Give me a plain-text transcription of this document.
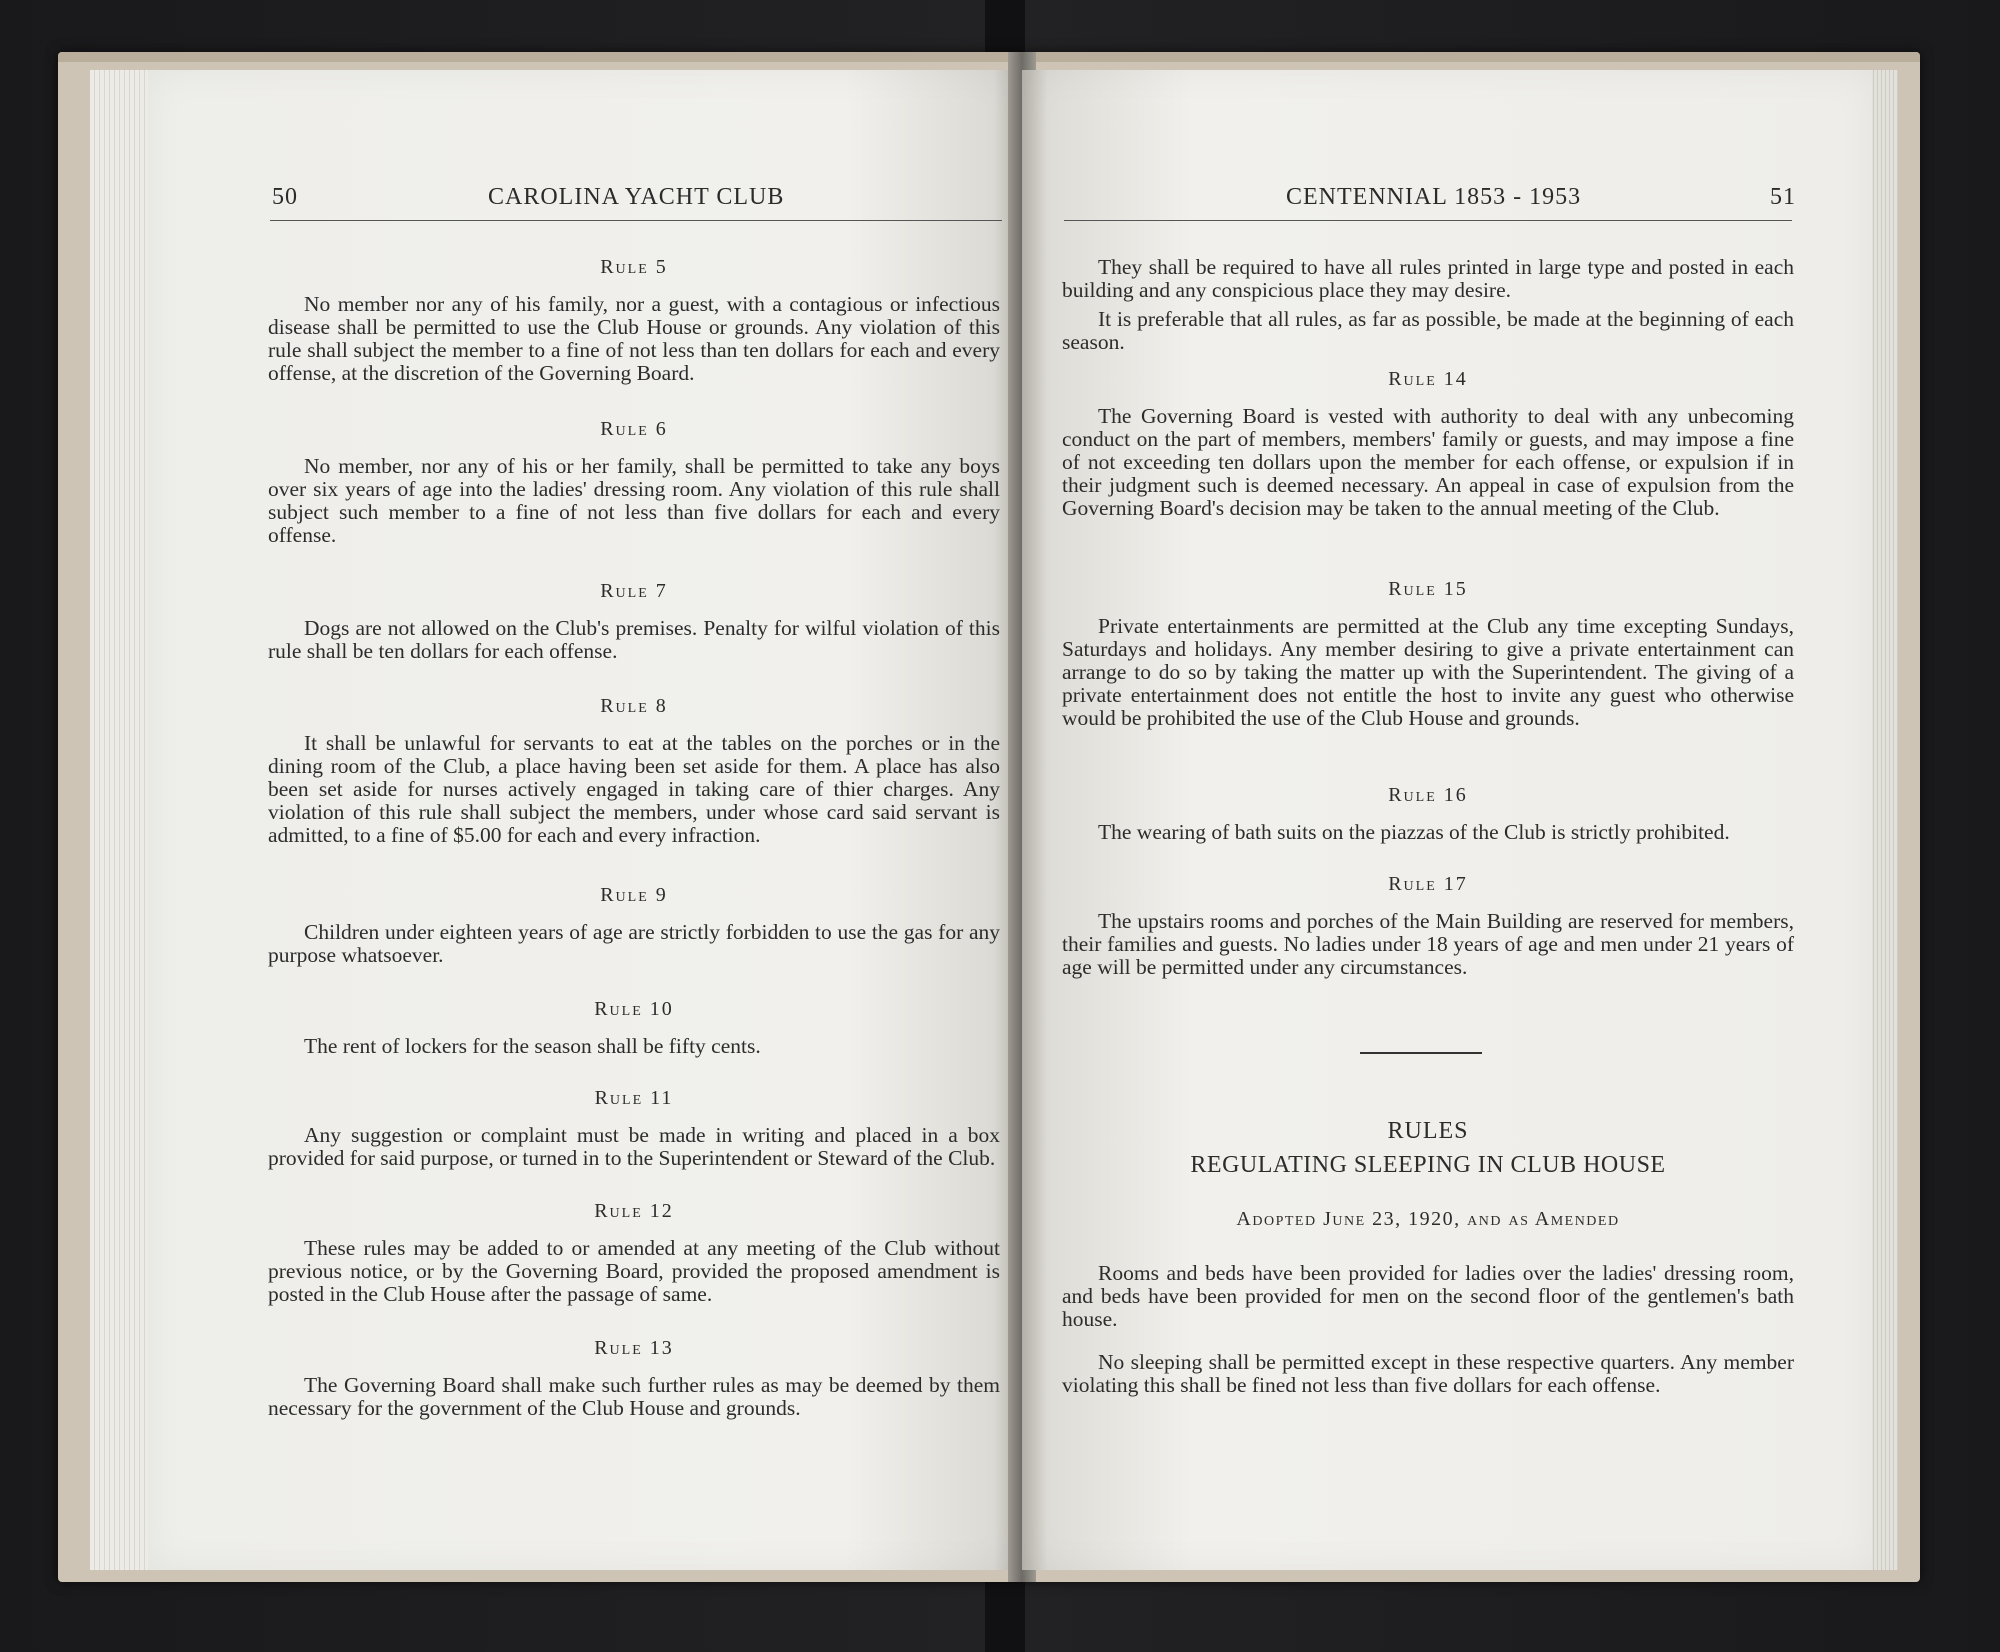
50	CAROLINA YACHT CLUB
Rule 5

No member nor any of his family, nor a guest, with a contagious or infectious disease shall be permitted to use the Club House or grounds. Any violation of this rule shall subject the member to a fine of not less than ten dollars for each and every offense, at the discretion of the Governing Board.

Rule 6

No member, nor any of his or her family, shall be permitted to take any boys over six years of age into the ladies' dressing room. Any violation of this rule shall subject such member to a fine of not less than five dollars for each and every offense.

Rule 7

Dogs are not allowed on the Club's premises. Penalty for wilful violation of this rule shall be ten dollars for each offense.

Rule 8

It shall be unlawful for servants to eat at the tables on the porches or in the dining room of the Club, a place having been set aside for them. A place has also been set aside for nurses actively engaged in taking care of thier charges. Any violation of this rule shall subject the members, under whose card said servant is admitted, to a fine of $5.00 for each and every infraction.

Rule 9

Children under eighteen years of age are strictly forbidden to use the gas for any purpose whatsoever.

Rule 10

The rent of lockers for the season shall be fifty cents.

Rule 11

Any suggestion or complaint must be made in writing and placed in a box provided for said purpose, or turned in to the Superintendent or Steward of the Club.

Rule 12

These rules may be added to or amended at any meeting of the Club without previous notice, or by the Governing Board, provided the proposed amendment is posted in the Club House after the passage of same.

Rule 13

The Governing Board shall make such further rules as may be deemed by them necessary for the government of the Club House and grounds.

CENTENNIAL 1853 - 1953	51

They shall be required to have all rules printed in large type and posted in each building and any conspicious place they may desire.

It is preferable that all rules, as far as possible, be made at the beginning of each season.

Rule 14

The Governing Board is vested with authority to deal with any unbecoming conduct on the part of members, members' family or guests, and may impose a fine of not exceeding ten dollars upon the member for each offense, or expulsion if in their judgment such is deemed necessary. An appeal in case of expulsion from the Governing Board's decision may be taken to the annual meeting of the Club.

Rule 15

Private entertainments are permitted at the Club any time excepting Sundays, Saturdays and holidays. Any member desiring to give a private entertainment can arrange to do so by taking the matter up with the Superintendent. The giving of a private entertainment does not entitle the host to invite any guest who otherwise would be prohibited the use of the Club House and grounds.

Rule 16

The wearing of bath suits on the piazzas of the Club is strictly prohibited.

Rule 17

The upstairs rooms and porches of the Main Building are reserved for members, their families and guests. No ladies under 18 years of age and men under 21 years of age will be permitted under any circumstances.

RULES
REGULATING SLEEPING IN CLUB HOUSE
Adopted June 23, 1920, and as Amended

Rooms and beds have been provided for ladies over the ladies' dressing room, and beds have been provided for men on the second floor of the gentlemen's bath house.

No sleeping shall be permitted except in these respective quarters. Any member violating this shall be fined not less than five dollars for each offense.
